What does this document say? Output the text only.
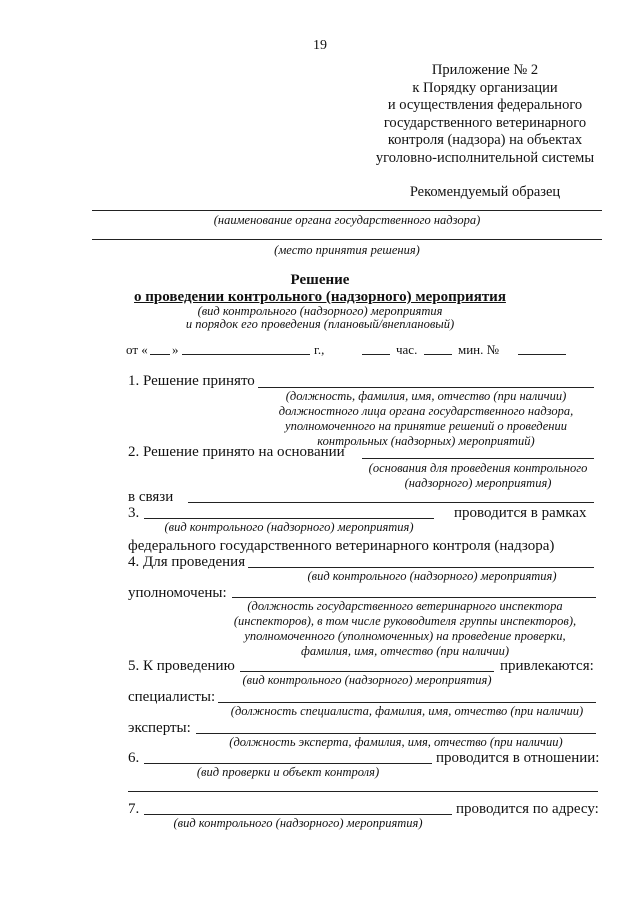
19
Приложение № 2
к Порядку организации
и осуществления федерального
государственного ветеринарного
контроля (надзора) на объектах
уголовно-исполнительной системы
Рекомендуемый образец
(наименование органа государственного надзора)
(место принятия решения)
Решение
о проведении контрольного (надзорного) мероприятия
(вид контрольного (надзорного) мероприятия
и порядок его проведения (плановый/внеплановый)
от « »	г.,	час.	мин. №
1. Решение принято
(должность, фамилия, имя, отчество (при наличии)
должностного лица органа государственного надзора,
уполномоченного на принятие решений о проведении
контрольных (надзорных) мероприятий)
2. Решение принято на основании
(основания для проведения контрольного
(надзорного) мероприятия)
в связи
3.	проводится в рамках
(вид контрольного (надзорного) мероприятия)
федерального государственного ветеринарного контроля (надзора)
4. Для проведения
(вид контрольного (надзорного) мероприятия)
уполномочены:
(должность государственного ветеринарного инспектора
(инспекторов), в том числе руководителя группы инспекторов),
уполномоченного (уполномоченных) на проведение проверки,
фамилия, имя, отчество (при наличии)
5. К проведению	привлекаются:
(вид контрольного (надзорного) мероприятия)
специалисты:
(должность специалиста, фамилия, имя, отчество (при наличии)
эксперты:
(должность эксперта, фамилия, имя, отчество (при наличии)
6.	проводится в отношении:
(вид проверки и объект контроля)
7.	проводится по адресу:
(вид контрольного (надзорного) мероприятия)
